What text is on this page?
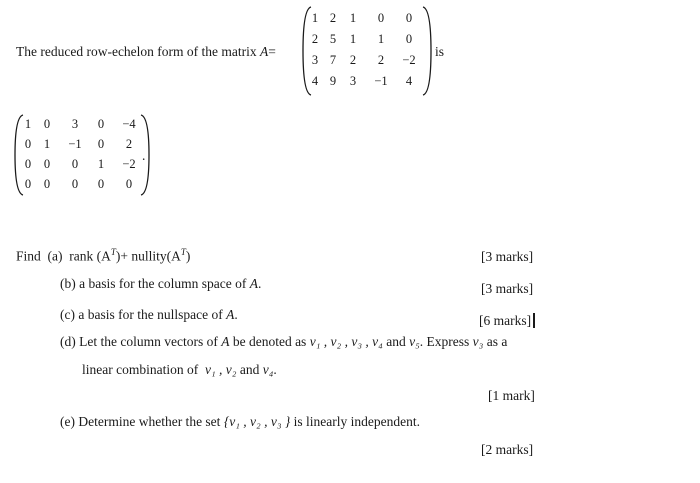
The reduced row-echelon form of the matrix A=
1 2	1	0	0
2 5	1	1	0
3 7	2	2	−2
4 9	3	−1	4
is
1	0	3	0	−4
0	1	−1	0	2
0	0	0	1	−2
0	0	0	0	0
.
Find (a) rank $(A^T)+$ $nullity(A^T)$	[3 marks]
(b) a basis for the column space of A.	[3 marks]
(c) a basis for the nullspace of A.	[6 marks]
(d) Let the column vectors of A be denoted as v₁ , v₂ , v₃ , v₄ and v₅. Express v₃ as a
linear combination of v₁ , v₂ and v₄.
[1 mark]
(e) Determine whether the set {v₁ , v₂ , v₃ } is linearly independent.
[2 marks]
